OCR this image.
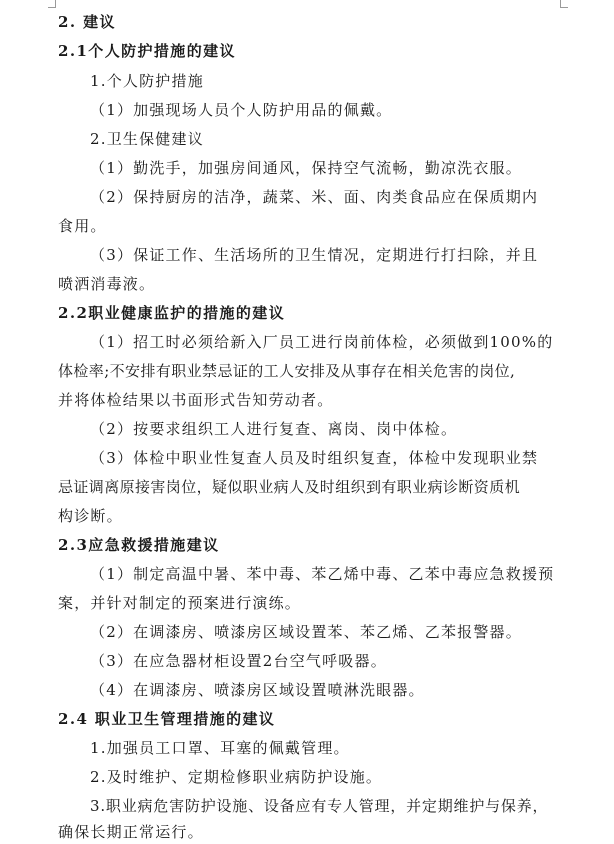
2. 建议
2.1个人防护措施的建议
1.个人防护措施
（1）加强现场人员个人防护用品的佩戴。
2.卫生保健建议
（1）勤洗手，加强房间通风，保持空气流畅，勤凉洗衣服。
（2）保持厨房的洁净，蔬菜、米、面、肉类食品应在保质期内
食用。
（3）保证工作、生活场所的卫生情况，定期进行打扫除，并且
喷洒消毒液。
2.2职业健康监护的措施的建议
（1）招工时必须给新入厂员工进行岗前体检，必须做到100%的
体检率;不安排有职业禁忌证的工人安排及从事存在相关危害的岗位,
并将体检结果以书面形式告知劳动者。
（2）按要求组织工人进行复查、离岗、岗中体检。
（3）体检中职业性复查人员及时组织复查，体检中发现职业禁
忌证调离原接害岗位，疑似职业病人及时组织到有职业病诊断资质机
构诊断。
2.3应急救援措施建议
（1）制定高温中暑、苯中毒、苯乙烯中毒、乙苯中毒应急救援预
案，并针对制定的预案进行演练。
（2）在调漆房、喷漆房区域设置苯、苯乙烯、乙苯报警器。
（3）在应急器材柜设置2台空气呼吸器。
（4）在调漆房、喷漆房区域设置喷淋洗眼器。
2.4 职业卫生管理措施的建议
1.加强员工口罩、耳塞的佩戴管理。
2.及时维护、定期检修职业病防护设施。
3.职业病危害防护设施、设备应有专人管理，并定期维护与保养，
确保长期正常运行。
